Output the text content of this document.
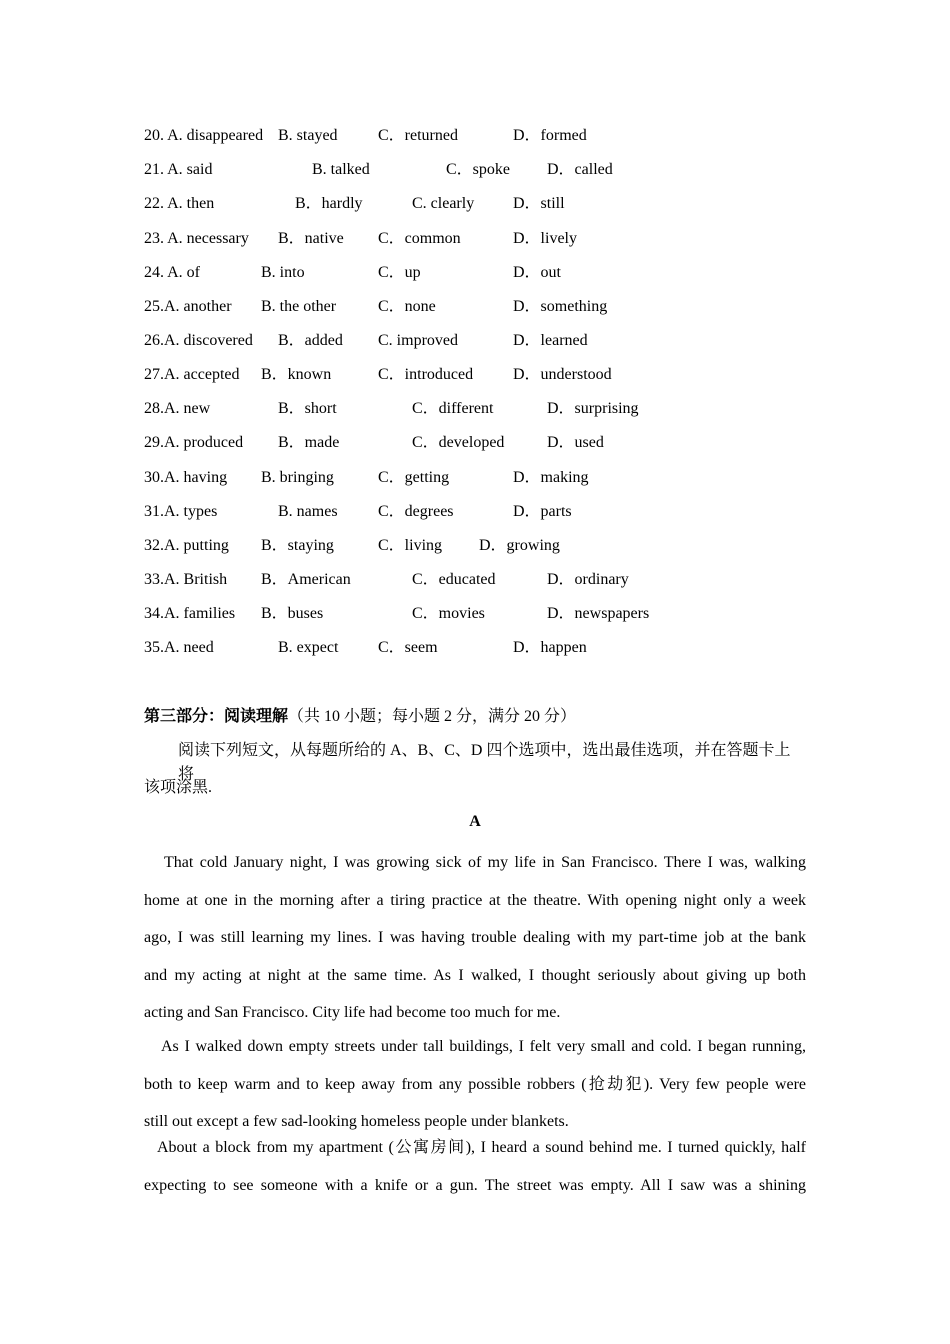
20. A. disappeared B. stayed	C．returned	D．formed
21. A. said	B. talked	C．spoke D．called
22. A. then	B．hardly	C. clearly D．still
23. A. necessary B．native C．common	D．lively
24. A. of	B. into	C．up	D．out
25.A. another B. the other	C．none	D．something
26.A. discovered B．added C. improved	D．learned
27.A. accepted B．known	C．introduced D．understood
28.A. new	B．short	C．different	D．surprising
29.A. produced B．made	C．developed	D．used
30.A. having B. bringing	C．getting	D．making
31.A. types	B. names	C．degrees	D．parts
32.A. putting B．staying	C．living D．growing
33.A. British B．American	C．educated	D．ordinary
34.A. families B．buses	C．movies	D．newspapers
35.A. need	B. expect C．seem	D．happen
第三部分：阅读理解（共 10 小题；每小题 2 分，满分 20 分）
阅读下列短文，从每题所给的 A、B、C、D 四个选项中，选出最佳选项，并在答题卡上将
该项涂黑.
A
That cold January night, I was growing sick of my life in San Francisco. There I was, walking
home at one in the morning after a tiring practice at the theatre. With opening night only a week
ago, I was still learning my lines. I was having trouble dealing with my part-time job at the bank
and my acting at night at the same time. As I walked, I thought seriously about giving up both
acting and San Francisco. City life had become too much for me.
As I walked down empty streets under tall buildings, I felt very small and cold. I began running,
both to keep warm and to keep away from any possible robbers (抢劫犯). Very few people were
still out except a few sad-looking homeless people under blankets.
About a block from my apartment (公寓房间), I heard a sound behind me. I turned quickly, half
expecting to see someone with a knife or a gun. The street was empty. All I saw was a shining
